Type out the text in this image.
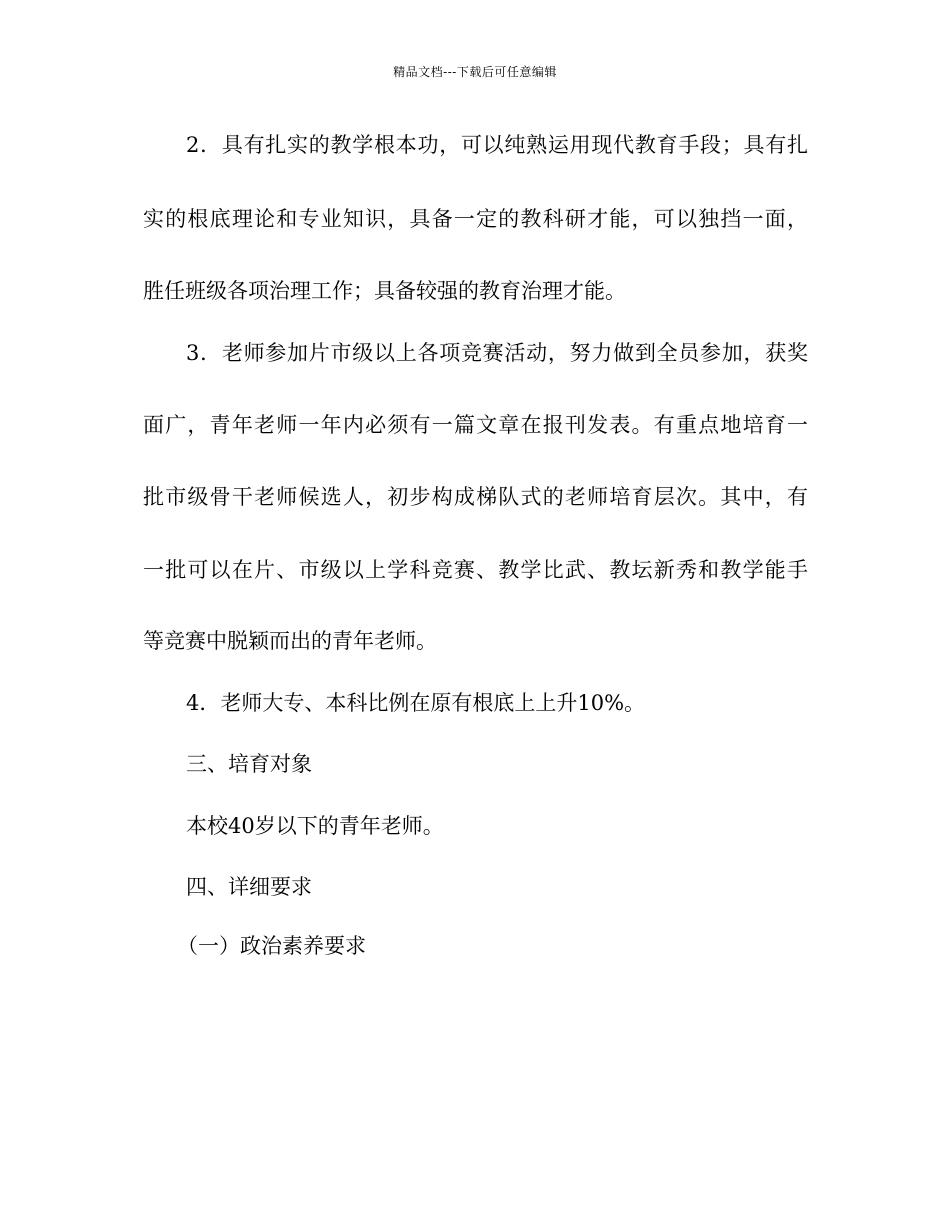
精品文档---下载后可任意编辑
2．具有扎实的教学根本功，可以纯熟运用现代教育手段；具有扎
实的根底理论和专业知识，具备一定的教科研才能，可以独挡一面，
胜任班级各项治理工作；具备较强的教育治理才能。
3．老师参加片市级以上各项竞赛活动，努力做到全员参加，获奖
面广，青年老师一年内必须有一篇文章在报刊发表。有重点地培育一
批市级骨干老师候选人，初步构成梯队式的老师培育层次。其中，有
一批可以在片、市级以上学科竞赛、教学比武、教坛新秀和教学能手
等竞赛中脱颖而出的青年老师。
4．老师大专、本科比例在原有根底上上升10%。
三、培育对象
本校40岁以下的青年老师。
四、详细要求
（一）政治素养要求
